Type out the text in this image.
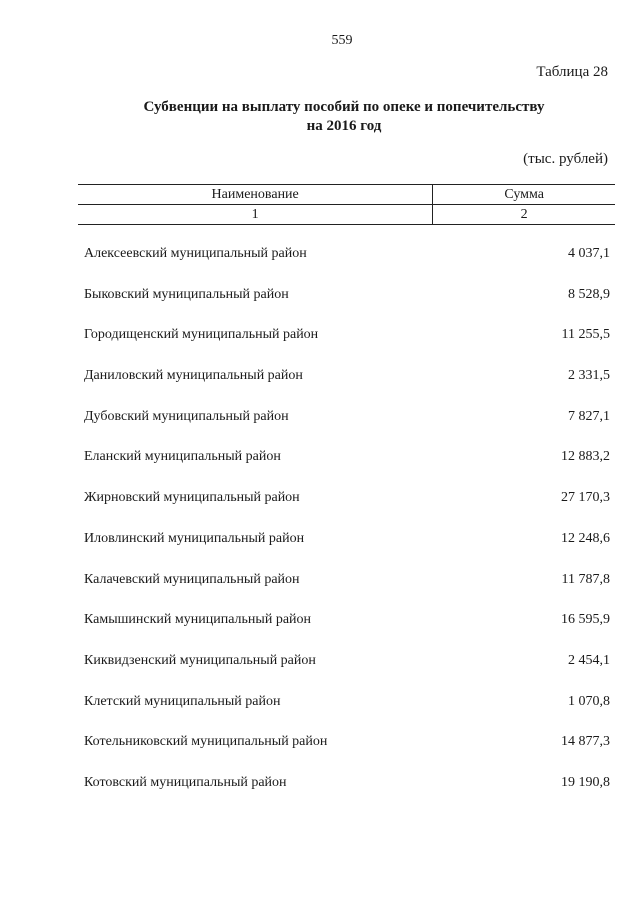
559
Таблица 28
Субвенции на выплату пособий по опеке и попечительству
на 2016 год
(тыс. рублей)
Наименование	Сумма
1	2
Алексеевский муниципальный район	4 037,1
Быковский муниципальный район	8 528,9
Городищенский муниципальный район	11 255,5
Даниловский муниципальный район	2 331,5
Дубовский муниципальный район	7 827,1
Еланский муниципальный район	12 883,2
Жирновский муниципальный район	27 170,3
Иловлинский муниципальный район	12 248,6
Калачевский муниципальный район	11 787,8
Камышинский муниципальный район	16 595,9
Киквидзенский муниципальный район	2 454,1
Клетский муниципальный район	1 070,8
Котельниковский муниципальный район	14 877,3
Котовский муниципальный район	19 190,8
